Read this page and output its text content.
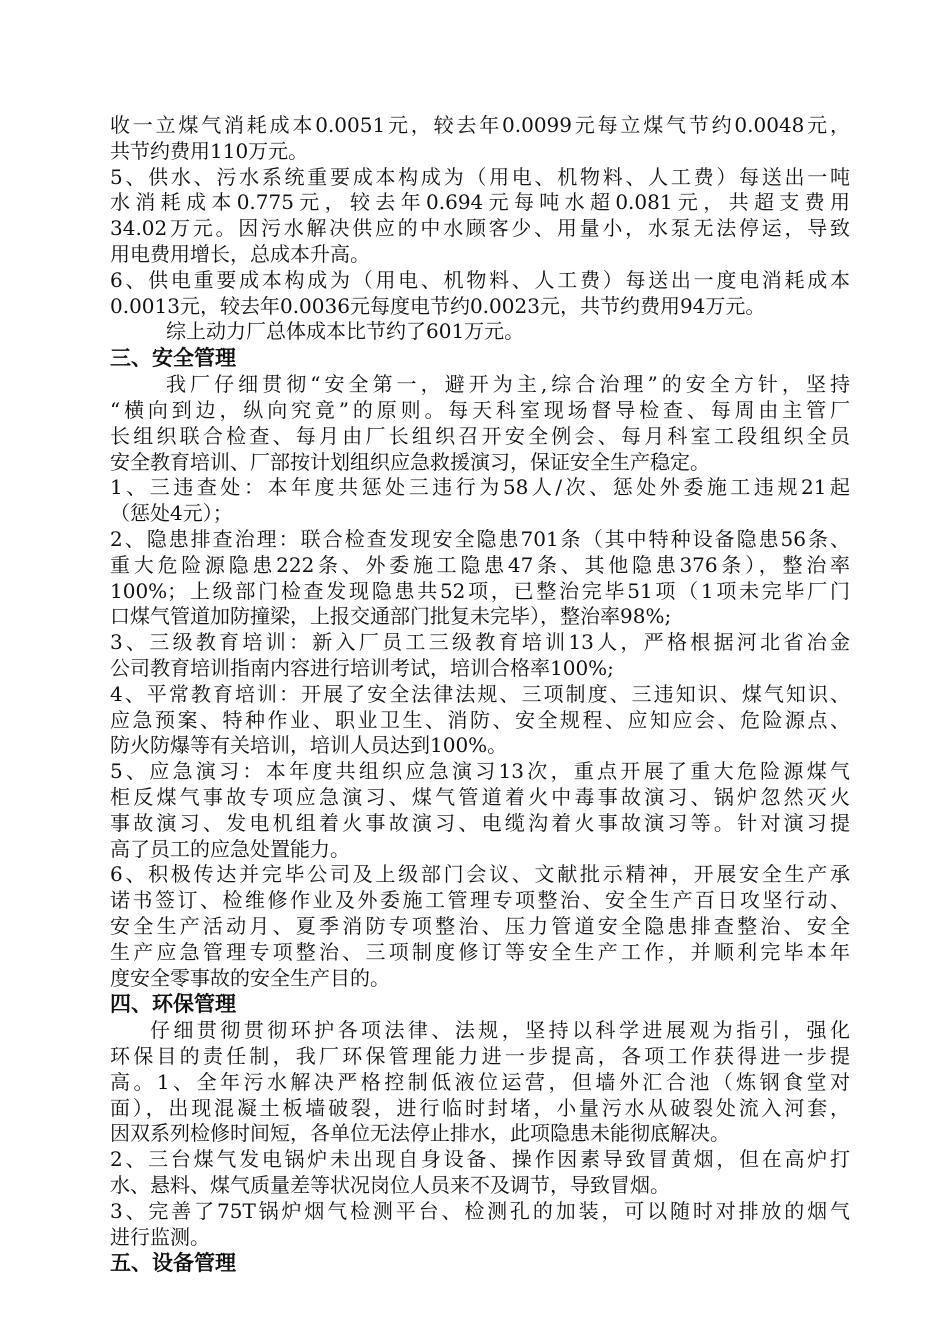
收一立煤气消耗成本0.0051元，较去年0.0099元每立煤气节约0.0048元，
共节约费用110万元。
5、供水、污水系统重要成本构成为（用电、机物料、人工费）每送出一吨
水消耗成本0.775元，较去年0.694元每吨水超0.081元，共超支费用
34.02万元。因污水解决供应的中水顾客少、用量小，水泵无法停运，导致
用电费用增长，总成本升高。
6、供电重要成本构成为（用电、机物料、人工费）每送出一度电消耗成本
0.0013元，较去年0.0036元每度电节约0.0023元，共节约费用94万元。
综上动力厂总体成本比节约了601万元。
三、安全管理
我厂仔细贯彻“安全第一，避开为主,综合治理”的安全方针，坚持
“横向到边，纵向究竟”的原则。每天科室现场督导检查、每周由主管厂
长组织联合检查、每月由厂长组织召开安全例会、每月科室工段组织全员
安全教育培训、厂部按计划组织应急救援演习，保证安全生产稳定。
1、三违查处：本年度共惩处三违行为58人/次、惩处外委施工违规21起
（惩处4元）；
2、隐患排查治理：联合检查发现安全隐患701条（其中特种设备隐患56条、
重大危险源隐患222条、外委施工隐患47条、其他隐患376条），整治率
100%；上级部门检查发现隐患共52项，已整治完毕51项（1项未完毕厂门
口煤气管道加防撞梁，上报交通部门批复未完毕），整治率98%;
3、三级教育培训：新入厂员工三级教育培训13人，严格根据河北省冶金
公司教育培训指南内容进行培训考试，培训合格率100%;
4、平常教育培训：开展了安全法律法规、三项制度、三违知识、煤气知识、
应急预案、特种作业、职业卫生、消防、安全规程、应知应会、危险源点、
防火防爆等有关培训，培训人员达到100%。
5、应急演习：本年度共组织应急演习13次，重点开展了重大危险源煤气
柜反煤气事故专项应急演习、煤气管道着火中毒事故演习、锅炉忽然灭火
事故演习、发电机组着火事故演习、电缆沟着火事故演习等。针对演习提
高了员工的应急处置能力。
6、积极传达并完毕公司及上级部门会议、文献批示精神，开展安全生产承
诺书签订、检维修作业及外委施工管理专项整治、安全生产百日攻坚行动、
安全生产活动月、夏季消防专项整治、压力管道安全隐患排查整治、安全
生产应急管理专项整治、三项制度修订等安全生产工作，并顺利完毕本年
度安全零事故的安全生产目的。
四、环保管理
仔细贯彻贯彻环护各项法律、法规，坚持以科学进展观为指引，强化
环保目的责任制，我厂环保管理能力进一步提高，各项工作获得进一步提
高。1、全年污水解决严格控制低液位运营，但墙外汇合池（炼钢食堂对
面），出现混凝土板墙破裂，进行临时封堵，小量污水从破裂处流入河套，
因双系列检修时间短，各单位无法停止排水，此项隐患未能彻底解决。
2、三台煤气发电锅炉未出现自身设备、操作因素导致冒黄烟，但在高炉打
水、悬料、煤气质量差等状况岗位人员来不及调节，导致冒烟。
3、完善了75T锅炉烟气检测平台、检测孔的加装，可以随时对排放的烟气
进行监测。
五、设备管理
